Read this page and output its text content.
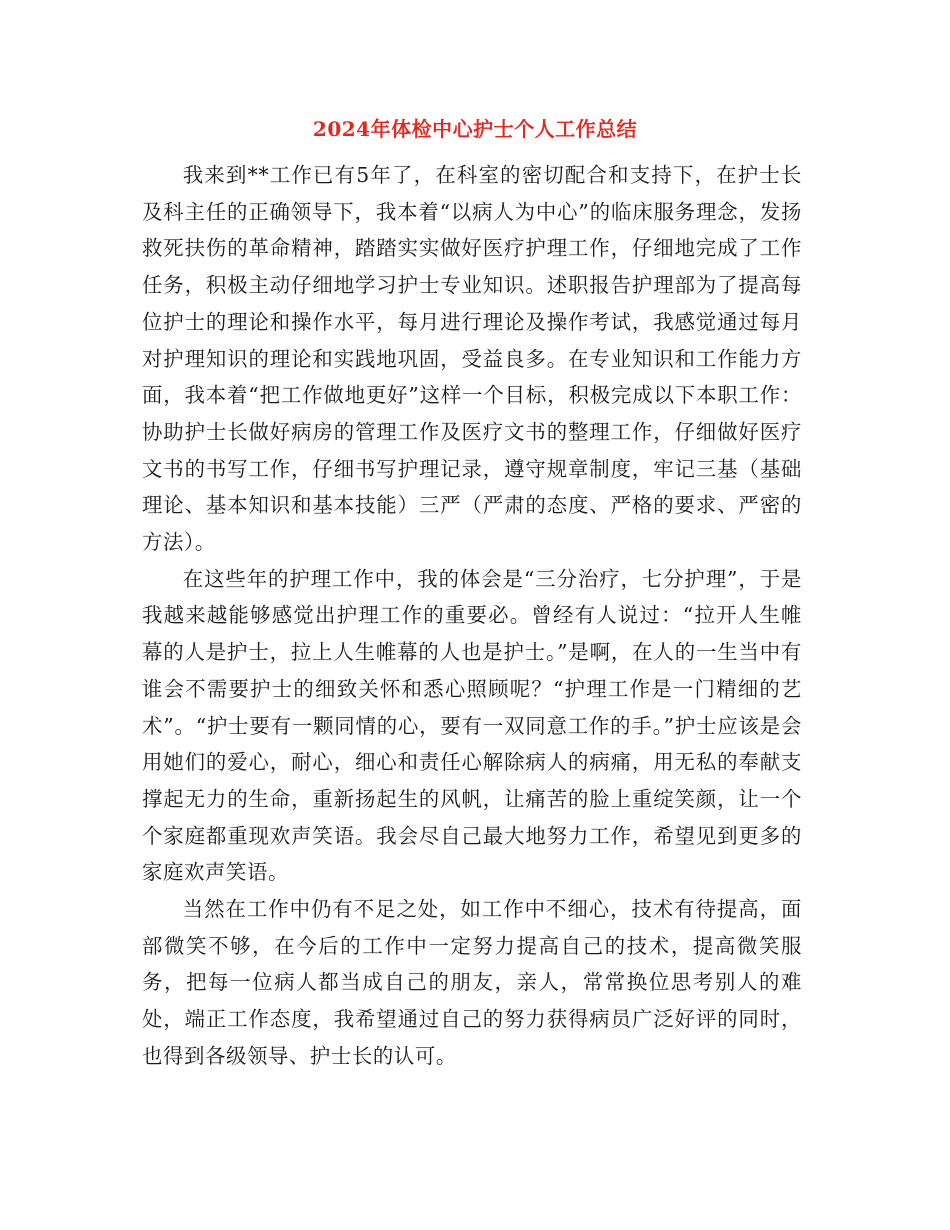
2024年体检中心护士个人工作总结

我来到**工作已有5年了，在科室的密切配合和支持下，在护士长及科主任的正确领导下，我本着“以病人为中心”的临床服务理念，发扬救死扶伤的革命精神，踏踏实实做好医疗护理工作，仔细地完成了工作任务，积极主动仔细地学习护士专业知识。述职报告护理部为了提高每位护士的理论和操作水平，每月进行理论及操作考试，我感觉通过每月对护理知识的理论和实践地巩固，受益良多。在专业知识和工作能力方面，我本着“把工作做地更好”这样一个目标，积极完成以下本职工作：协助护士长做好病房的管理工作及医疗文书的整理工作，仔细做好医疗文书的书写工作，仔细书写护理记录，遵守规章制度，牢记三基（基础理论、基本知识和基本技能）三严（严肃的态度、严格的要求、严密的方法）。

在这些年的护理工作中，我的体会是“三分治疗，七分护理”，于是我越来越能够感觉出护理工作的重要必。曾经有人说过：“拉开人生帷幕的人是护士，拉上人生帷幕的人也是护士。”是啊，在人的一生当中有谁会不需要护士的细致关怀和悉心照顾呢？“护理工作是一门精细的艺术”。“护士要有一颗同情的心，要有一双同意工作的手。”护士应该是会用她们的爱心，耐心，细心和责任心解除病人的病痛，用无私的奉献支撑起无力的生命，重新扬起生的风帆，让痛苦的脸上重绽笑颜，让一个个家庭都重现欢声笑语。我会尽自己最大地努力工作，希望见到更多的家庭欢声笑语。

当然在工作中仍有不足之处，如工作中不细心，技术有待提高，面部微笑不够，在今后的工作中一定努力提高自己的技术，提高微笑服务，把每一位病人都当成自己的朋友，亲人，常常换位思考别人的难处，端正工作态度，我希望通过自己的努力获得病员广泛好评的同时，也得到各级领导、护士长的认可。
